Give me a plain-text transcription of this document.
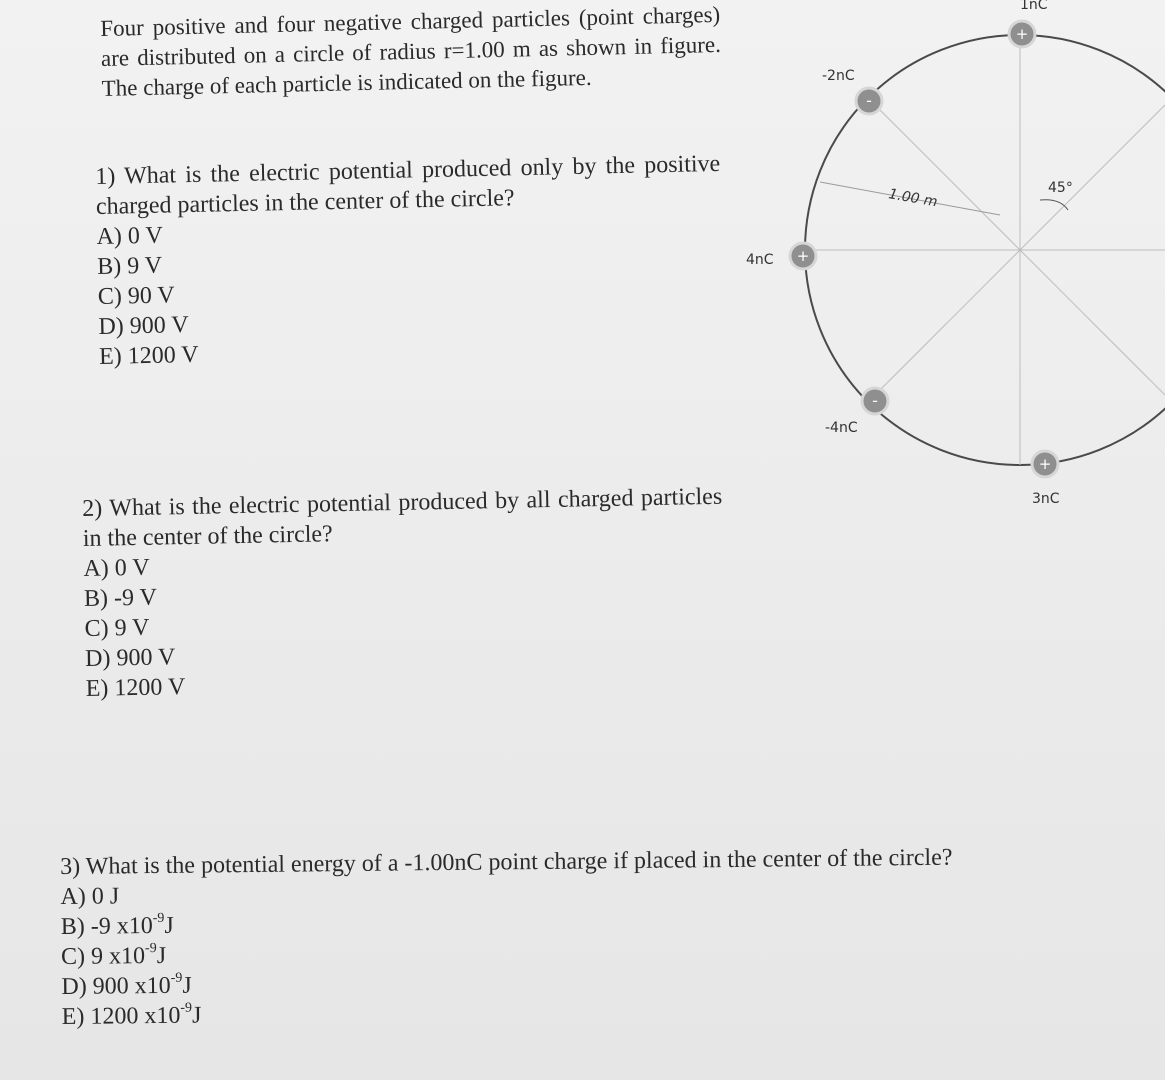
Four positive and four negative charged particles (point charges) are distributed on a circle of radius r=1.00 m as shown in figure. The charge of each particle is indicated on the figure.
1) What is the electric potential produced only by the positive charged particles in the center of the circle?
A) 0 V
B) 9 V
C) 90 V
D) 900 V
E) 1200 V
2) What is the electric potential produced by all charged particles in the center of the circle?
A) 0 V
B) -9 V
C) 9 V
D) 900 V
E) 1200 V
3) What is the potential energy of a -1.00nC point charge if placed in the center of the circle?
A) 0 J
B) -9 $x10^{-9}J$
C) 9 $x10^{-9}J$
D) 900 $x10^{-9}J$
E) 1200 $x10^{-9}J$
1.00 m	45°
+
1nC
-
-2nC
+
4nC
-
-4nC
+
3nC
